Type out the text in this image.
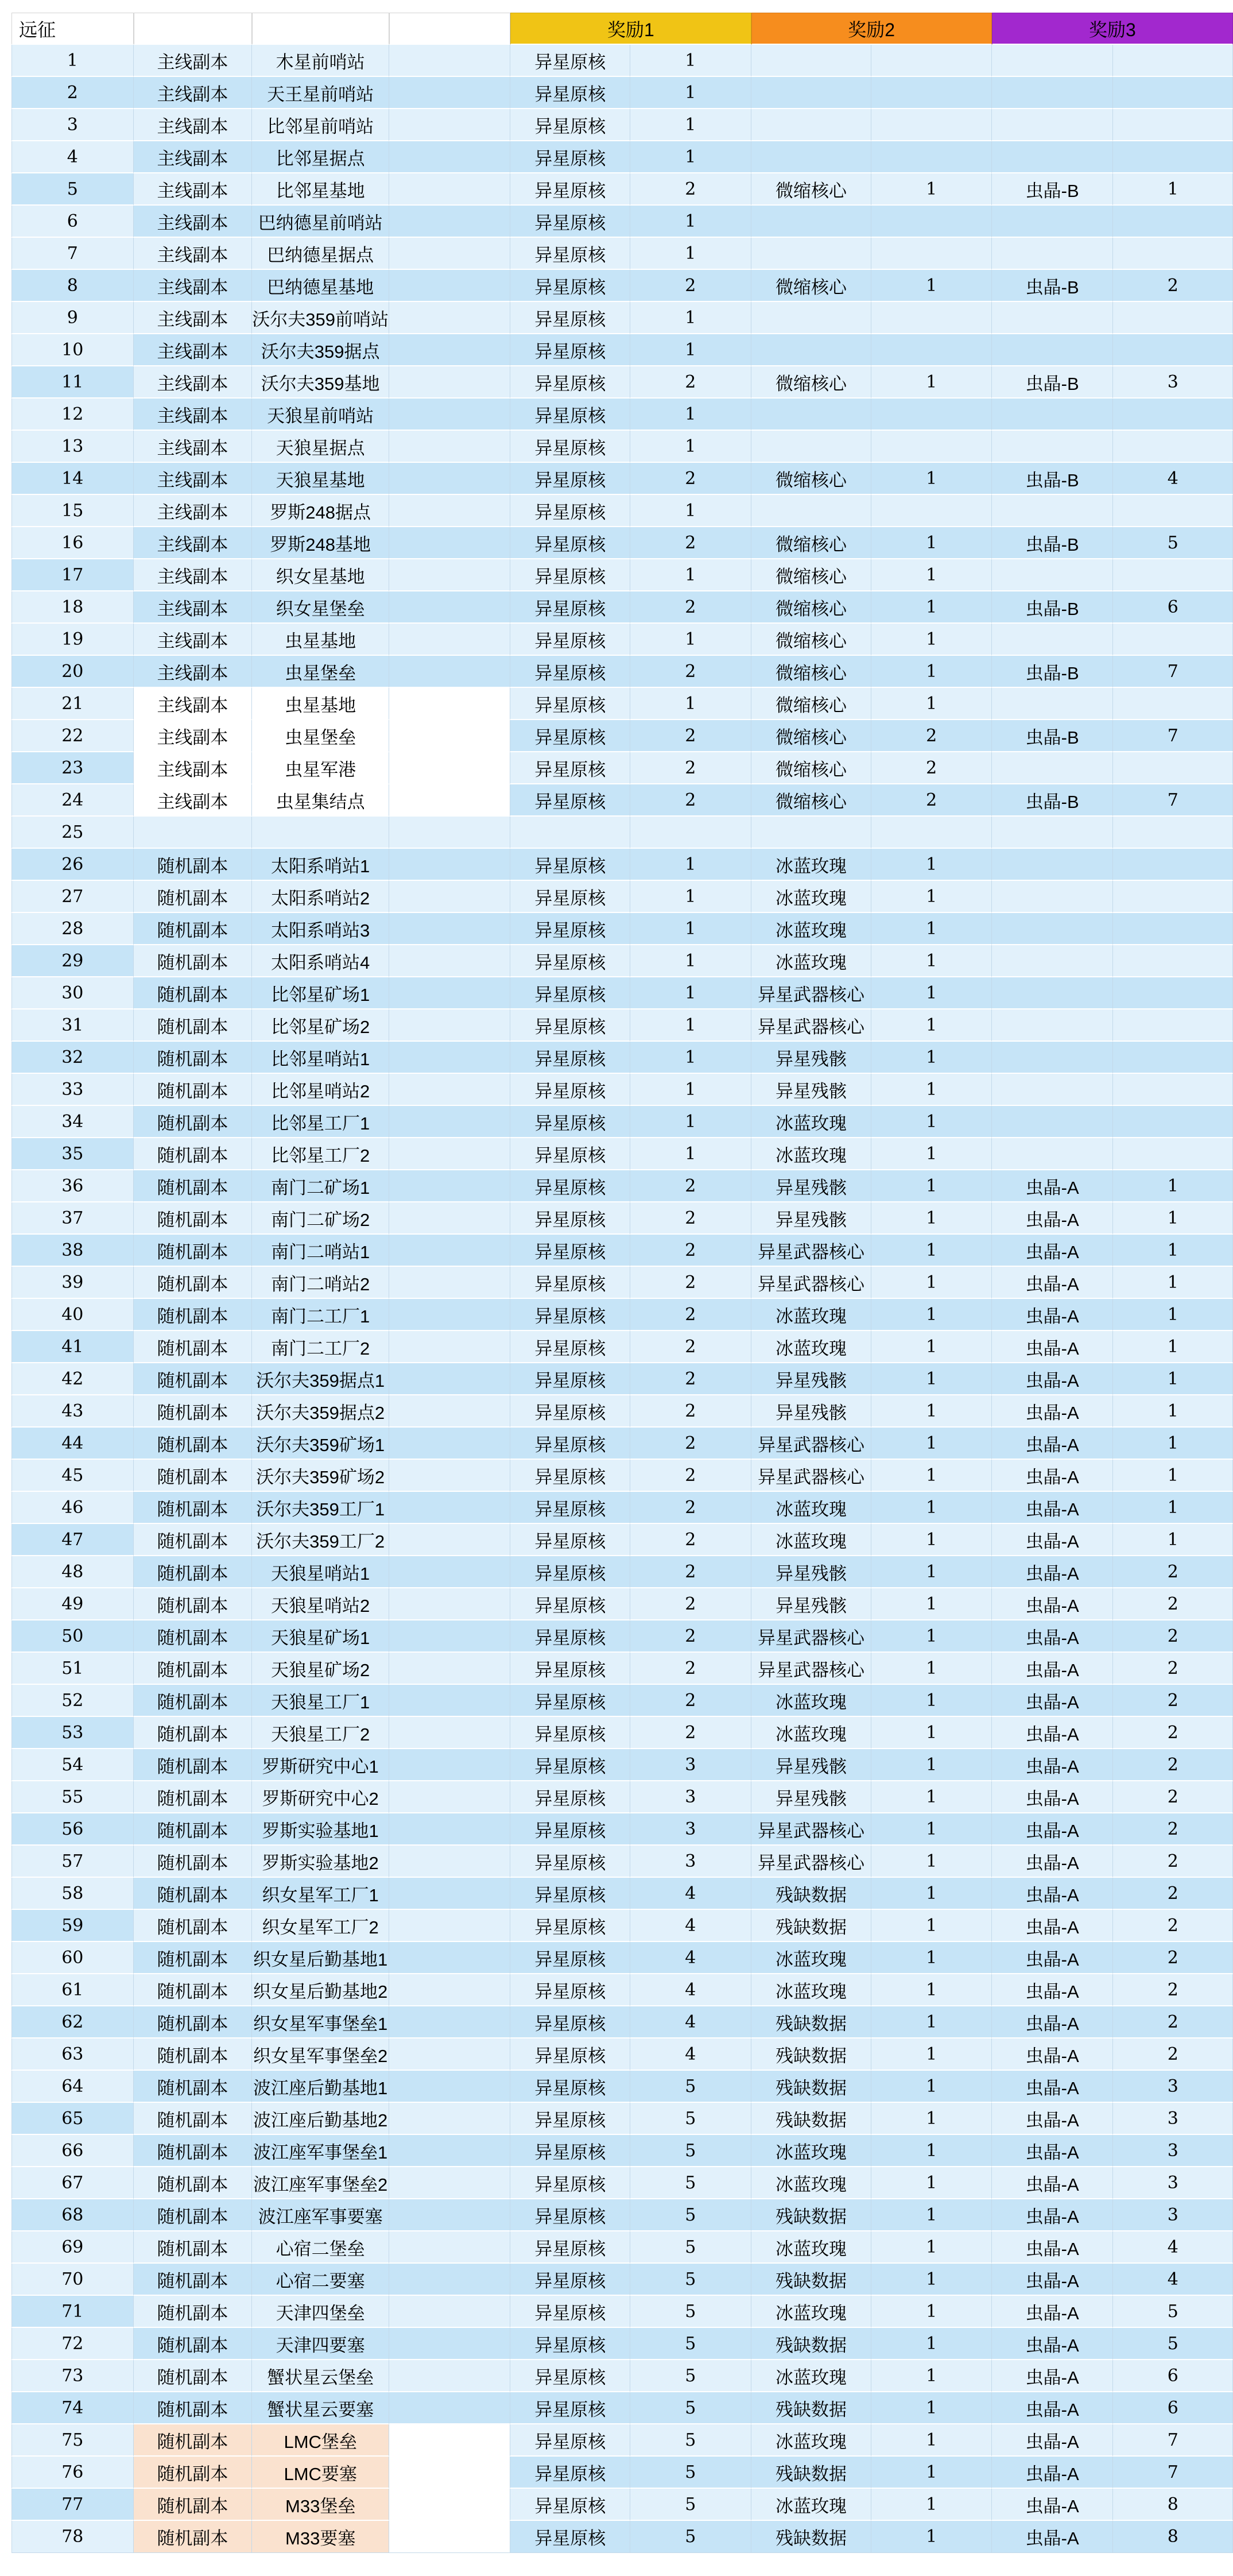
远征				奖励1		奖励2		奖励3	
1	主线副本	木星前哨站		异星原核	1				
2	主线副本	天王星前哨站		异星原核	1				
3	主线副本	比邻星前哨站		异星原核	1				
4	主线副本	比邻星据点		异星原核	1				
5	主线副本	比邻星基地		异星原核	2	微缩核心	1	虫晶-B	1
6	主线副本	巴纳德星前哨站		异星原核	1				
7	主线副本	巴纳德星据点		异星原核	1				
8	主线副本	巴纳德星基地		异星原核	2	微缩核心	1	虫晶-B	2
9	主线副本	沃尔夫359前哨站		异星原核	1				
10	主线副本	沃尔夫359据点		异星原核	1				
11	主线副本	沃尔夫359基地		异星原核	2	微缩核心	1	虫晶-B	3
12	主线副本	天狼星前哨站		异星原核	1				
13	主线副本	天狼星据点		异星原核	1				
14	主线副本	天狼星基地		异星原核	2	微缩核心	1	虫晶-B	4
15	主线副本	罗斯248据点		异星原核	1				
16	主线副本	罗斯248基地		异星原核	2	微缩核心	1	虫晶-B	5
17	主线副本	织女星基地		异星原核	1	微缩核心	1		
18	主线副本	织女星堡垒		异星原核	2	微缩核心	1	虫晶-B	6
19	主线副本	虫星基地		异星原核	1	微缩核心	1		
20	主线副本	虫星堡垒		异星原核	2	微缩核心	1	虫晶-B	7
21	主线副本	虫星基地		异星原核	1	微缩核心	1		
22	主线副本	虫星堡垒		异星原核	2	微缩核心	2	虫晶-B	7
23	主线副本	虫星军港		异星原核	2	微缩核心	2		
24	主线副本	虫星集结点		异星原核	2	微缩核心	2	虫晶-B	7
25									
26	随机副本	太阳系哨站1		异星原核	1	冰蓝玫瑰	1		
27	随机副本	太阳系哨站2		异星原核	1	冰蓝玫瑰	1		
28	随机副本	太阳系哨站3		异星原核	1	冰蓝玫瑰	1		
29	随机副本	太阳系哨站4		异星原核	1	冰蓝玫瑰	1		
30	随机副本	比邻星矿场1		异星原核	1	异星武器核心	1		
31	随机副本	比邻星矿场2		异星原核	1	异星武器核心	1		
32	随机副本	比邻星哨站1		异星原核	1	异星残骸	1		
33	随机副本	比邻星哨站2		异星原核	1	异星残骸	1		
34	随机副本	比邻星工厂1		异星原核	1	冰蓝玫瑰	1		
35	随机副本	比邻星工厂2		异星原核	1	冰蓝玫瑰	1		
36	随机副本	南门二矿场1		异星原核	2	异星残骸	1	虫晶-A	1
37	随机副本	南门二矿场2		异星原核	2	异星残骸	1	虫晶-A	1
38	随机副本	南门二哨站1		异星原核	2	异星武器核心	1	虫晶-A	1
39	随机副本	南门二哨站2		异星原核	2	异星武器核心	1	虫晶-A	1
40	随机副本	南门二工厂1		异星原核	2	冰蓝玫瑰	1	虫晶-A	1
41	随机副本	南门二工厂2		异星原核	2	冰蓝玫瑰	1	虫晶-A	1
42	随机副本	沃尔夫359据点1		异星原核	2	异星残骸	1	虫晶-A	1
43	随机副本	沃尔夫359据点2		异星原核	2	异星残骸	1	虫晶-A	1
44	随机副本	沃尔夫359矿场1		异星原核	2	异星武器核心	1	虫晶-A	1
45	随机副本	沃尔夫359矿场2		异星原核	2	异星武器核心	1	虫晶-A	1
46	随机副本	沃尔夫359工厂1		异星原核	2	冰蓝玫瑰	1	虫晶-A	1
47	随机副本	沃尔夫359工厂2		异星原核	2	冰蓝玫瑰	1	虫晶-A	1
48	随机副本	天狼星哨站1		异星原核	2	异星残骸	1	虫晶-A	2
49	随机副本	天狼星哨站2		异星原核	2	异星残骸	1	虫晶-A	2
50	随机副本	天狼星矿场1		异星原核	2	异星武器核心	1	虫晶-A	2
51	随机副本	天狼星矿场2		异星原核	2	异星武器核心	1	虫晶-A	2
52	随机副本	天狼星工厂1		异星原核	2	冰蓝玫瑰	1	虫晶-A	2
53	随机副本	天狼星工厂2		异星原核	2	冰蓝玫瑰	1	虫晶-A	2
54	随机副本	罗斯研究中心1		异星原核	3	异星残骸	1	虫晶-A	2
55	随机副本	罗斯研究中心2		异星原核	3	异星残骸	1	虫晶-A	2
56	随机副本	罗斯实验基地1		异星原核	3	异星武器核心	1	虫晶-A	2
57	随机副本	罗斯实验基地2		异星原核	3	异星武器核心	1	虫晶-A	2
58	随机副本	织女星军工厂1		异星原核	4	残缺数据	1	虫晶-A	2
59	随机副本	织女星军工厂2		异星原核	4	残缺数据	1	虫晶-A	2
60	随机副本	织女星后勤基地1		异星原核	4	冰蓝玫瑰	1	虫晶-A	2
61	随机副本	织女星后勤基地2		异星原核	4	冰蓝玫瑰	1	虫晶-A	2
62	随机副本	织女星军事堡垒1		异星原核	4	残缺数据	1	虫晶-A	2
63	随机副本	织女星军事堡垒2		异星原核	4	残缺数据	1	虫晶-A	2
64	随机副本	波江座后勤基地1		异星原核	5	残缺数据	1	虫晶-A	3
65	随机副本	波江座后勤基地2		异星原核	5	残缺数据	1	虫晶-A	3
66	随机副本	波江座军事堡垒1		异星原核	5	冰蓝玫瑰	1	虫晶-A	3
67	随机副本	波江座军事堡垒2		异星原核	5	冰蓝玫瑰	1	虫晶-A	3
68	随机副本	波江座军事要塞		异星原核	5	残缺数据	1	虫晶-A	3
69	随机副本	心宿二堡垒		异星原核	5	冰蓝玫瑰	1	虫晶-A	4
70	随机副本	心宿二要塞		异星原核	5	残缺数据	1	虫晶-A	4
71	随机副本	天津四堡垒		异星原核	5	冰蓝玫瑰	1	虫晶-A	5
72	随机副本	天津四要塞		异星原核	5	残缺数据	1	虫晶-A	5
73	随机副本	蟹状星云堡垒		异星原核	5	冰蓝玫瑰	1	虫晶-A	6
74	随机副本	蟹状星云要塞		异星原核	5	残缺数据	1	虫晶-A	6
75	随机副本	LMC堡垒		异星原核	5	冰蓝玫瑰	1	虫晶-A	7
76	随机副本	LMC要塞		异星原核	5	残缺数据	1	虫晶-A	7
77	随机副本	M33堡垒		异星原核	5	冰蓝玫瑰	1	虫晶-A	8
78	随机副本	M33要塞		异星原核	5	残缺数据	1	虫晶-A	8
